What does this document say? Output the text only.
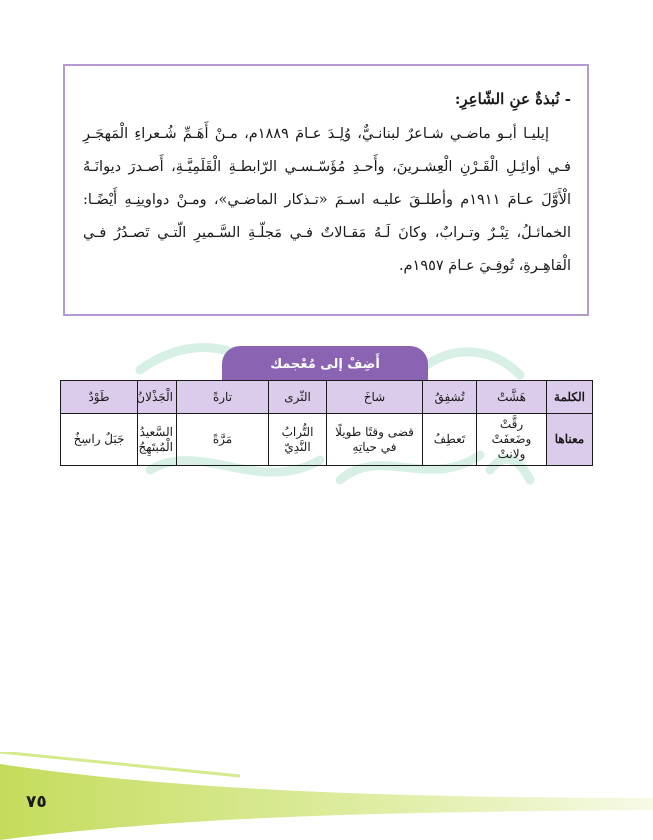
- نُبذةٌ عنِ الشّاعِرِ:

إيليـا أبـو ماضـي شـاعرٌ لبنانـيٌّ، وُلِـدَ عـامَ ١٨٨٩م، مـنْ أَهَـمِّ شُـعراءِ الْمَهجَـرِ فـي أوائِـلِ الْقَـرْنِ الْعِشـرينَ، وأَحـدِ مُؤَسّـسـي الرّابطـةِ الْقَلَمِيَّـةِ، أَصـدرَ ديوانَـهُ الْأَوَّلَ عـامَ ١٩١١م وأطلـقَ عليـه اسـمَ «تـذكار الماضـي»، ومـنْ دواوينِـهِ أَيْضًـا: الخمائـلُ، تِبْـرٌ وتـرابٌ، وكانَ لَـهُ مَقـالاتٌ فـي مَجلّـةِ السَّـميرِ الّتـي تَصـدُرُ فـي الْقاهِـرةِ، تُوفِـيَ عـامَ ١٩٥٧م.

أَضِفْ إلى مُعْجمك
الكلمة	هَشَّتْ	تُشفِقُ	شاخَ	الثّرى	تارةً	الْجَذْلانُ	طَوْدٌ
معناها	رقَّتْ وضَعفَتْ ولانتْ	تَعطِفُ	قضى وقتًا طويلًا في حياتِهِ	التُّرابُ النَّدِيّ	مَرَّةً	السَّعيدُ الْمُبتَهِجُ	جَبَلٌ راسِخٌ
٧٥
